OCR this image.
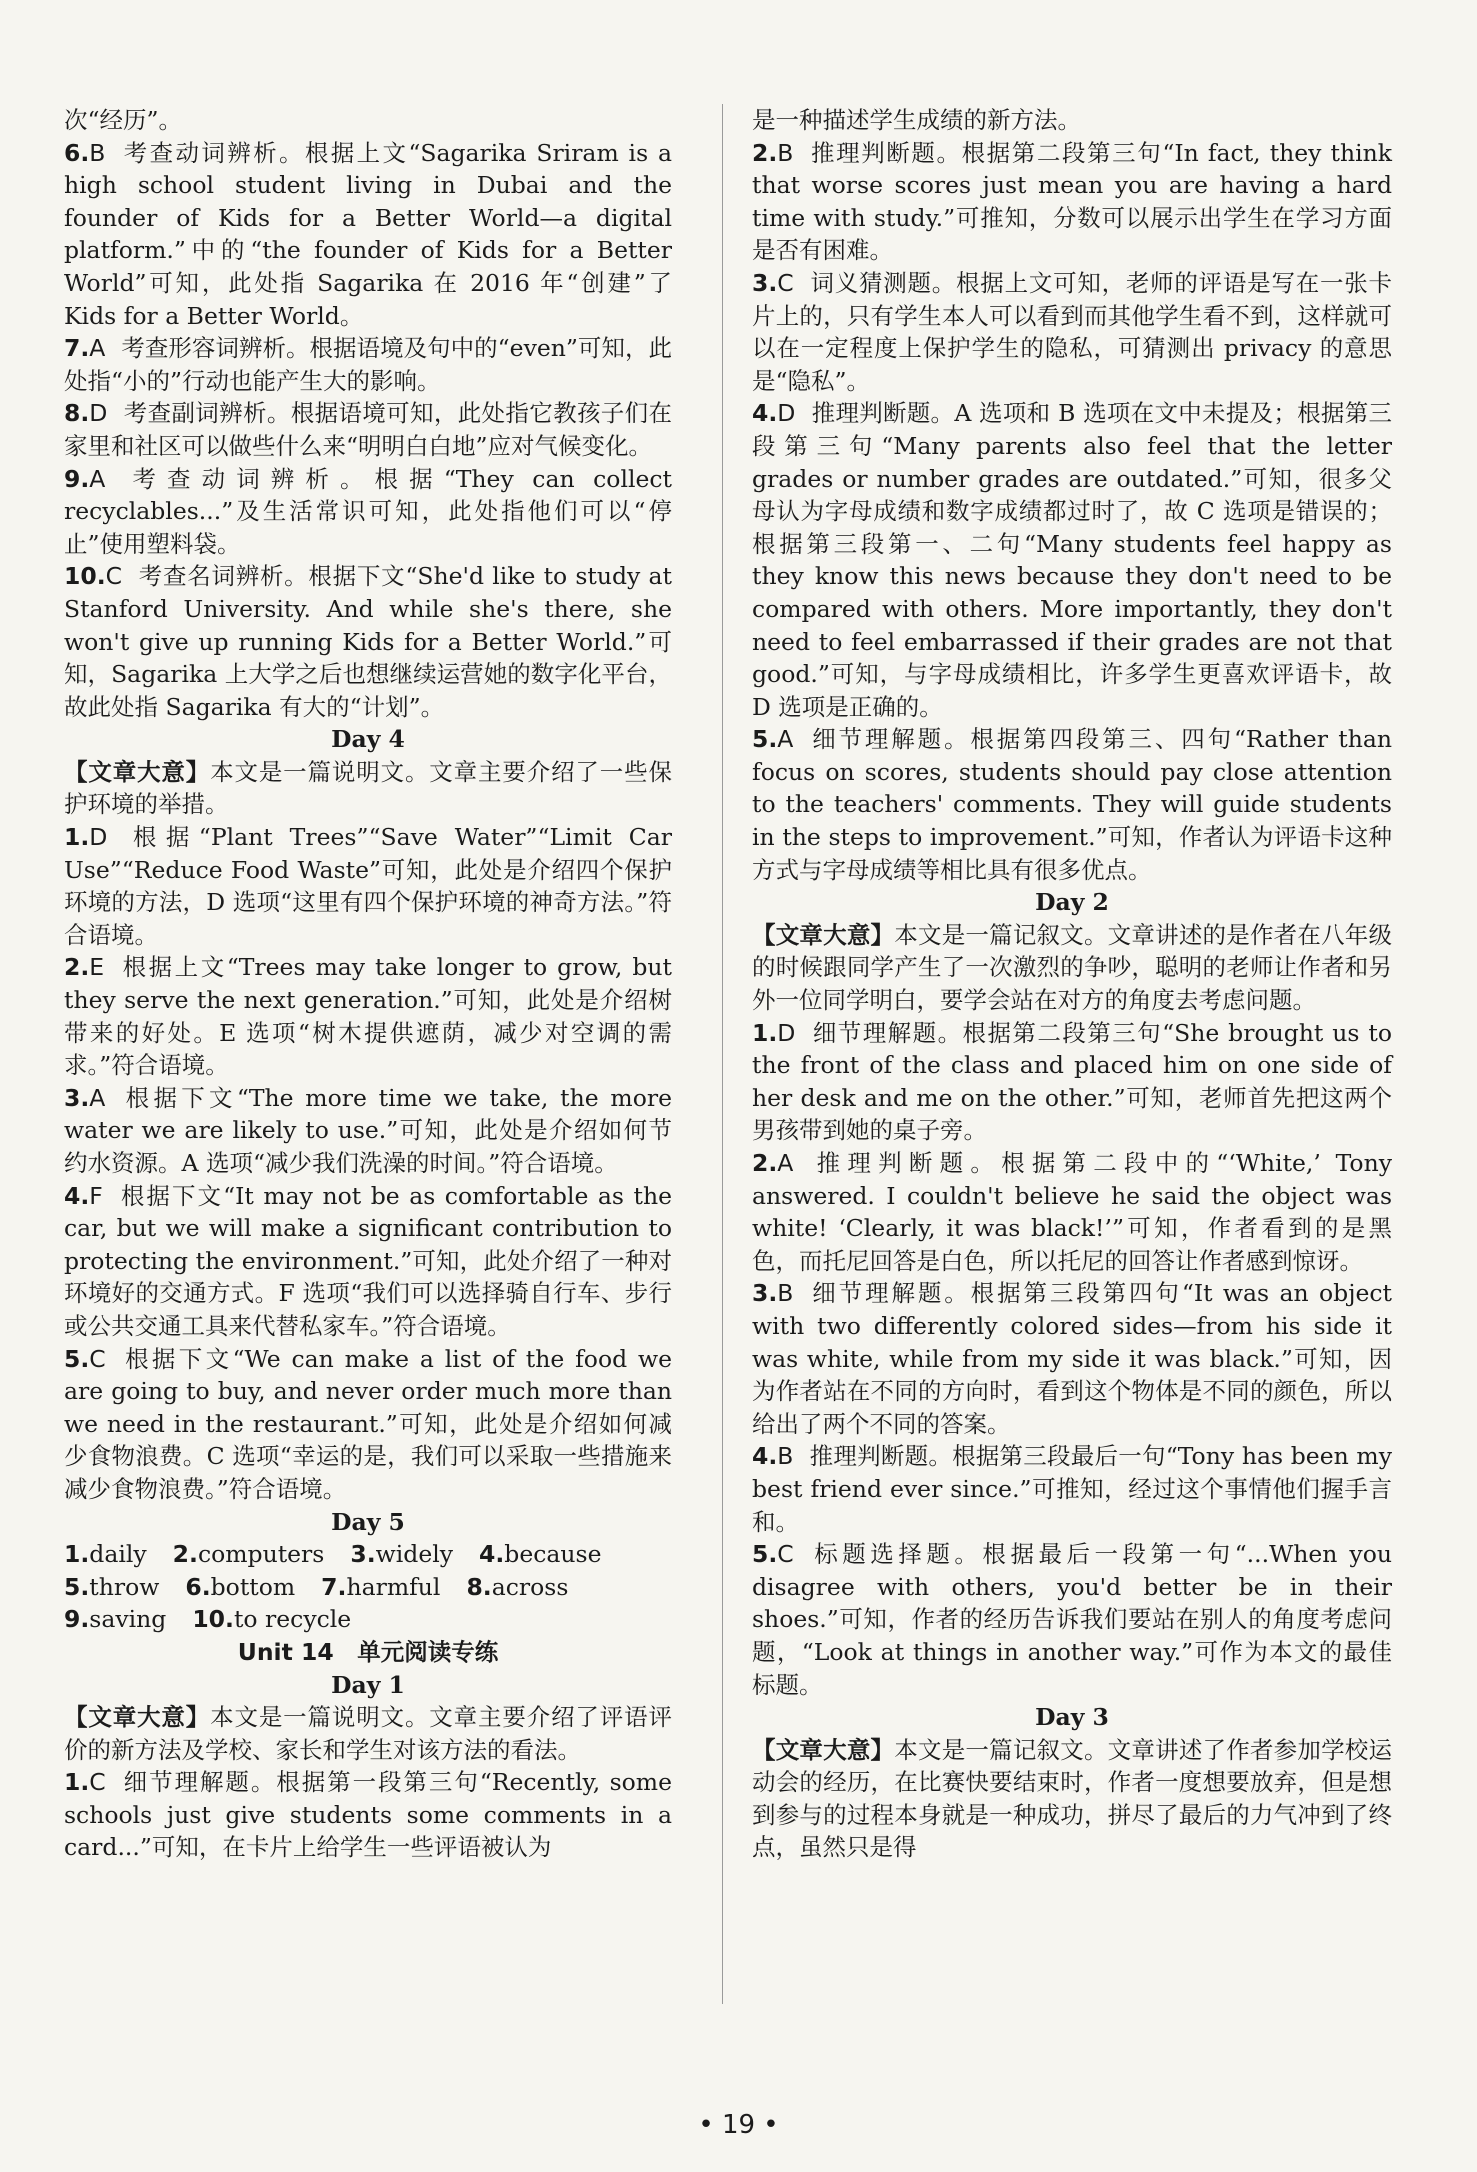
次“经历”。

6.B 考查动词辨析。根据上文“Sagarika Sriram is a high school student living in Dubai and the founder of Kids for a Better World—a digital platform.”中的“the founder of Kids for a Better World”可知，此处指 Sagarika 在 2016 年“创建”了 Kids for a Better World。

7.A 考查形容词辨析。根据语境及句中的“even”可知，此处指“小的”行动也能产生大的影响。

8.D 考查副词辨析。根据语境可知，此处指它教孩子们在家里和社区可以做些什么来“明明白白地”应对气候变化。

9.A 考查动词辨析。根据“They can collect recyclables...”及生活常识可知，此处指他们可以“停止”使用塑料袋。

10.C 考查名词辨析。根据下文“She'd like to study at Stanford University. And while she's there, she won't give up running Kids for a Better World.”可知，Sagarika 上大学之后也想继续运营她的数字化平台，故此处指 Sagarika 有大的“计划”。

Day 4

【文章大意】本文是一篇说明文。文章主要介绍了一些保护环境的举措。

1.D 根据“Plant Trees”“Save Water”“Limit Car Use”“Reduce Food Waste”可知，此处是介绍四个保护环境的方法，D 选项“这里有四个保护环境的神奇方法。”符合语境。

2.E 根据上文“Trees may take longer to grow, but they serve the next generation.”可知，此处是介绍树带来的好处。E 选项“树木提供遮荫，减少对空调的需求。”符合语境。

3.A 根据下文“The more time we take, the more water we are likely to use.”可知，此处是介绍如何节约水资源。A 选项“减少我们洗澡的时间。”符合语境。

4.F 根据下文“It may not be as comfortable as the car, but we will make a significant contribution to protecting the environment.”可知，此处介绍了一种对环境好的交通方式。F 选项“我们可以选择骑自行车、步行或公共交通工具来代替私家车。”符合语境。

5.C 根据下文“We can make a list of the food we are going to buy, and never order much more than we need in the restaurant.”可知，此处是介绍如何减少食物浪费。C 选项“幸运的是，我们可以采取一些措施来减少食物浪费。”符合语境。

Day 5

1.daily 2.computers 3.widely 4.because

5.throw 6.bottom 7.harmful 8.across

9.saving 10.to recycle

Unit 14　单元阅读专练

Day 1

【文章大意】本文是一篇说明文。文章主要介绍了评语评价的新方法及学校、家长和学生对该方法的看法。

1.C 细节理解题。根据第一段第三句“Recently, some schools just give students some comments in a card...”可知，在卡片上给学生一些评语被认为

是一种描述学生成绩的新方法。

2.B 推理判断题。根据第二段第三句“In fact, they think that worse scores just mean you are having a hard time with study.”可推知，分数可以展示出学生在学习方面是否有困难。

3.C 词义猜测题。根据上文可知，老师的评语是写在一张卡片上的，只有学生本人可以看到而其他学生看不到，这样就可以在一定程度上保护学生的隐私，可猜测出 privacy 的意思是“隐私”。

4.D 推理判断题。A 选项和 B 选项在文中未提及；根据第三段第三句“Many parents also feel that the letter grades or number grades are outdated.”可知，很多父母认为字母成绩和数字成绩都过时了，故 C 选项是错误的；根据第三段第一、二句“Many students feel happy as they know this news because they don't need to be compared with others. More importantly, they don't need to feel embarrassed if their grades are not that good.”可知，与字母成绩相比，许多学生更喜欢评语卡，故 D 选项是正确的。

5.A 细节理解题。根据第四段第三、四句“Rather than focus on scores, students should pay close attention to the teachers' comments. They will guide students in the steps to improvement.”可知，作者认为评语卡这种方式与字母成绩等相比具有很多优点。

Day 2

【文章大意】本文是一篇记叙文。文章讲述的是作者在八年级的时候跟同学产生了一次激烈的争吵，聪明的老师让作者和另外一位同学明白，要学会站在对方的角度去考虑问题。

1.D 细节理解题。根据第二段第三句“She brought us to the front of the class and placed him on one side of her desk and me on the other.”可知，老师首先把这两个男孩带到她的桌子旁。

2.A 推理判断题。根据第二段中的“‘White,’ Tony answered. I couldn't believe he said the object was white! ‘Clearly, it was black!’”可知，作者看到的是黑色，而托尼回答是白色，所以托尼的回答让作者感到惊讶。

3.B 细节理解题。根据第三段第四句“It was an object with two differently colored sides—from his side it was white, while from my side it was black.”可知，因为作者站在不同的方向时，看到这个物体是不同的颜色，所以给出了两个不同的答案。

4.B 推理判断题。根据第三段最后一句“Tony has been my best friend ever since.”可推知，经过这个事情他们握手言和。

5.C 标题选择题。根据最后一段第一句“...When you disagree with others, you'd better be in their shoes.”可知，作者的经历告诉我们要站在别人的角度考虑问题，“Look at things in another way.”可作为本文的最佳标题。

Day 3

【文章大意】本文是一篇记叙文。文章讲述了作者参加学校运动会的经历，在比赛快要结束时，作者一度想要放弃，但是想到参与的过程本身就是一种成功，拼尽了最后的力气冲到了终点，虽然只是得

• 19 •
